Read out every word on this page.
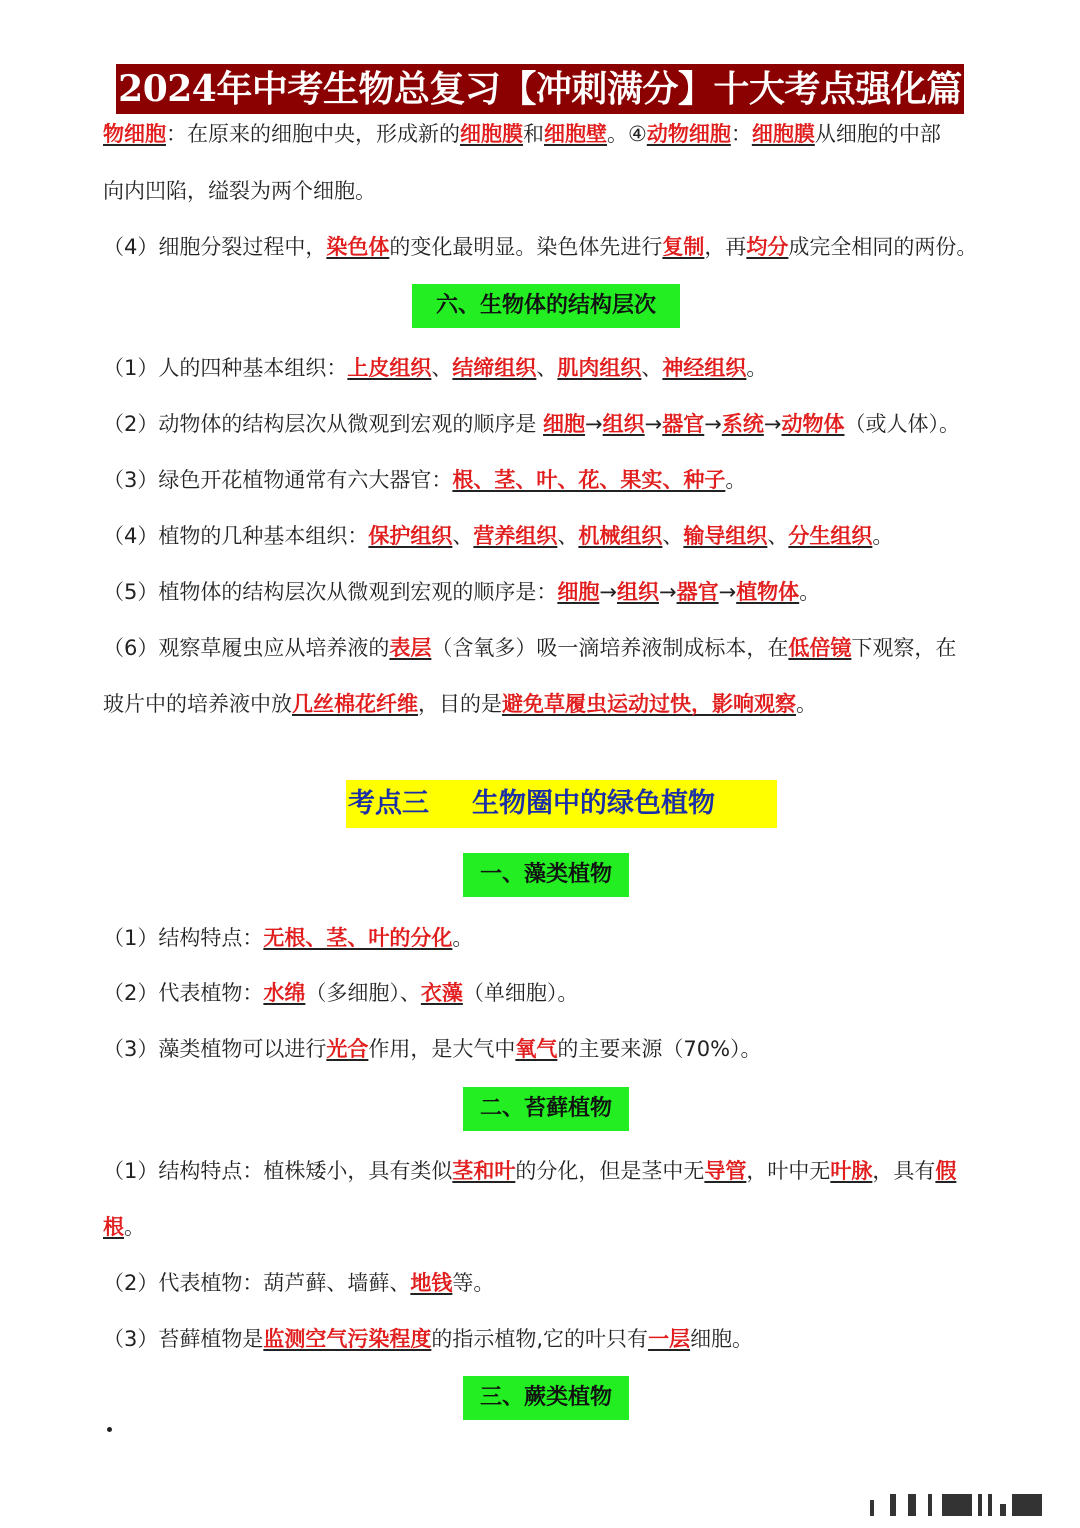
2024年中考生物总复习【冲刺满分】十大考点强化篇
物细胞：在原来的细胞中央，形成新的细胞膜和细胞壁。④动物细胞：细胞膜从细胞的中部
向内凹陷，缢裂为两个细胞。
（4）细胞分裂过程中，染色体的变化最明显。染色体先进行复制，再均分成完全相同的两份。
六、生物体的结构层次
（1）人的四种基本组织：上皮组织、结缔组织、肌肉组织、神经组织。
（2）动物体的结构层次从微观到宏观的顺序是 细胞→组织→器官→系统→动物体（或人体）。
（3）绿色开花植物通常有六大器官：根、茎、叶、花、果实、种子。
（4）植物的几种基本组织：保护组织、营养组织、机械组织、输导组织、分生组织。
（5）植物体的结构层次从微观到宏观的顺序是：细胞→组织→器官→植物体。
（6）观察草履虫应从培养液的表层（含氧多）吸一滴培养液制成标本，在低倍镜下观察，在
玻片中的培养液中放几丝棉花纤维，目的是避免草履虫运动过快，影响观察。
考点三 生物圈中的绿色植物
一、藻类植物
（1）结构特点：无根、茎、叶的分化。
（2）代表植物：水绵（多细胞）、衣藻（单细胞）。
（3）藻类植物可以进行光合作用，是大气中氧气的主要来源（70%）。
二、苔藓植物
（1）结构特点：植株矮小，具有类似茎和叶的分化，但是茎中无导管，叶中无叶脉，具有假
根。
（2）代表植物：葫芦藓、墙藓、地钱等。
（3）苔藓植物是监测空气污染程度的指示植物,它的叶只有一层细胞。
三、蕨类植物
